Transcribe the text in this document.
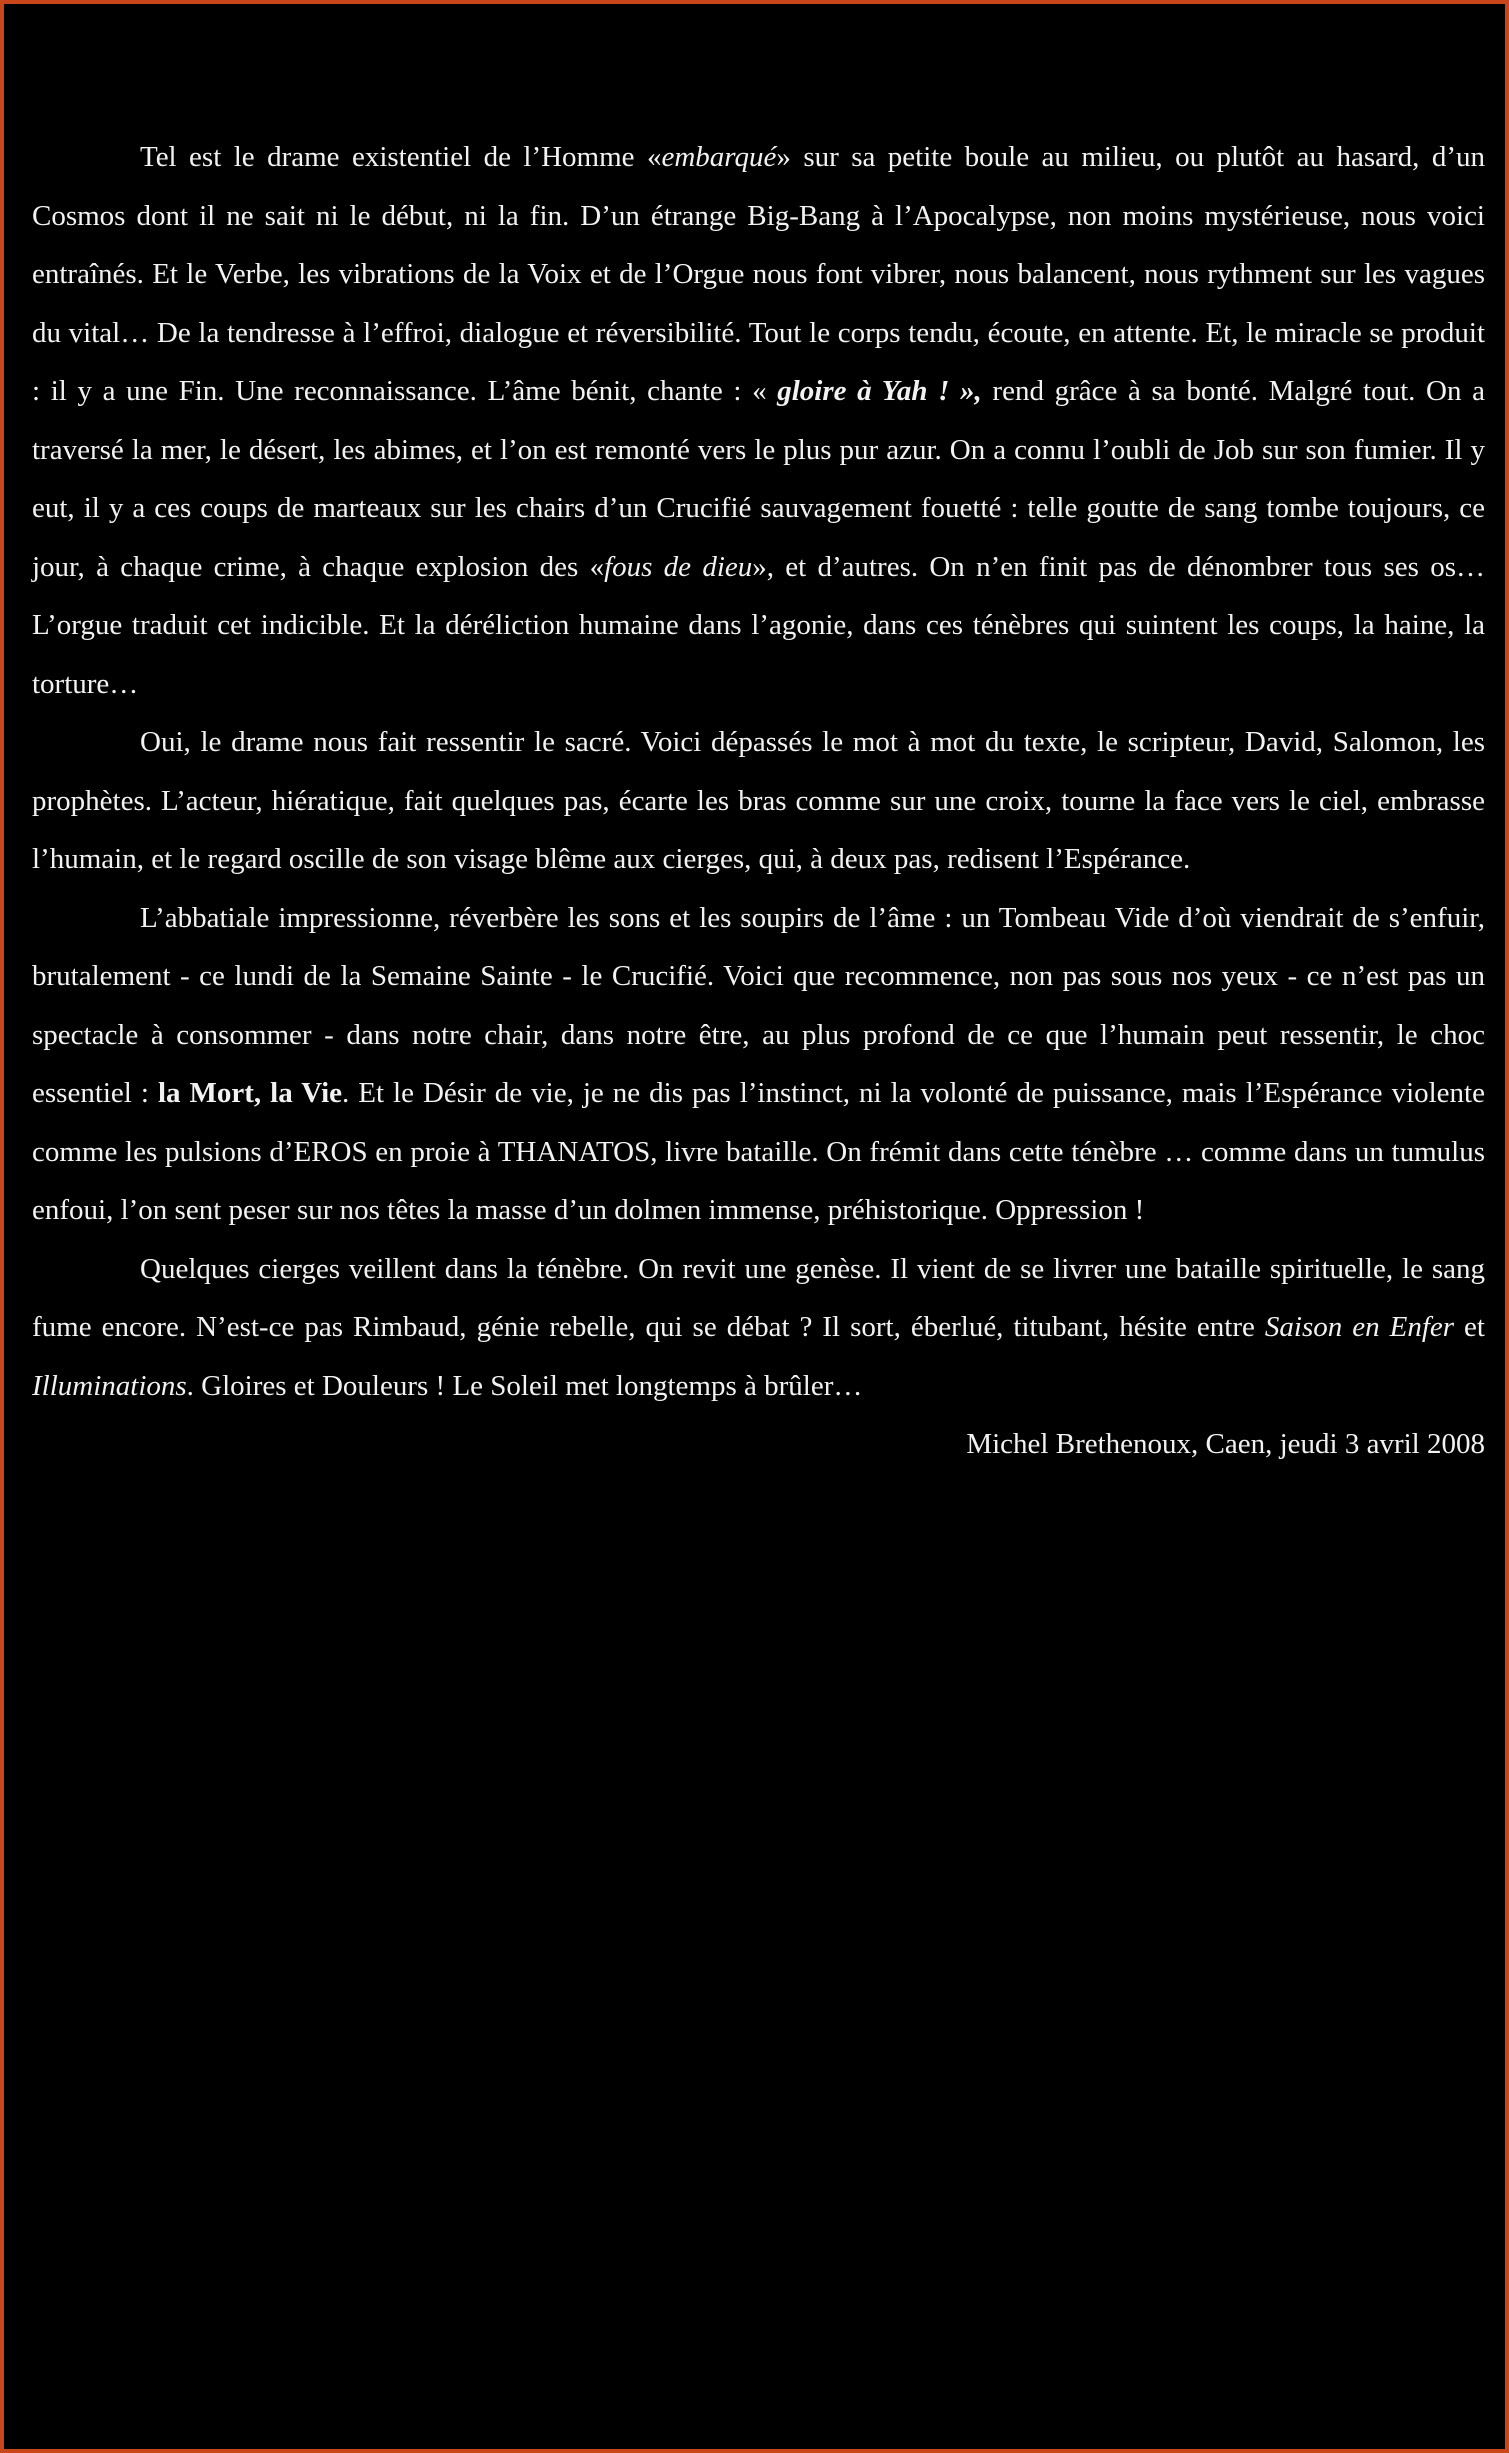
Tel est le drame existentiel de l’Homme «embarqué» sur sa petite boule au milieu, ou plutôt au hasard, d’un Cosmos dont il ne sait ni le début, ni la fin. D’un étrange Big-Bang à l’Apocalypse, non moins mystérieuse, nous voici entraînés. Et le Verbe, les vibrations de la Voix et de l’Orgue nous font vibrer, nous balancent, nous rythment sur les vagues du vital… De la tendresse à l’effroi, dialogue et réversibilité. Tout le corps tendu, écoute, en attente. Et, le miracle se produit : il y a une Fin. Une reconnaissance. L’âme bénit, chante : « gloire à Yah ! », rend grâce à sa bonté. Malgré tout. On a traversé la mer, le désert, les abimes, et l’on est remonté vers le plus pur azur. On a connu l’oubli de Job sur son fumier. Il y eut, il y a ces coups de marteaux sur les chairs d’un Crucifié sauvagement fouetté : telle goutte de sang tombe toujours, ce jour, à chaque crime, à chaque explosion des «fous de dieu», et d’autres. On n’en finit pas de dénombrer tous ses os… L’orgue traduit cet indicible. Et la déréliction humaine dans l’agonie, dans ces ténèbres qui suintent les coups, la haine, la torture…

Oui, le drame nous fait ressentir le sacré. Voici dépassés le mot à mot du texte, le scripteur, David, Salomon, les prophètes. L’acteur, hiératique, fait quelques pas, écarte les bras comme sur une croix, tourne la face vers le ciel, embrasse l’humain, et le regard oscille de son visage blême aux cierges, qui, à deux pas, redisent l’Espérance.

L’abbatiale impressionne, réverbère les sons et les soupirs de l’âme : un Tombeau Vide d’où viendrait de s’enfuir, brutalement - ce lundi de la Semaine Sainte - le Crucifié. Voici que recommence, non pas sous nos yeux - ce n’est pas un spectacle à consommer - dans notre chair, dans notre être, au plus profond de ce que l’humain peut ressentir, le choc essentiel : la Mort, la Vie. Et le Désir de vie, je ne dis pas l’instinct, ni la volonté de puissance, mais l’Espérance violente comme les pulsions d’EROS en proie à THANATOS, livre bataille. On frémit dans cette ténèbre … comme dans un tumulus enfoui, l’on sent peser sur nos têtes la masse d’un dolmen immense, préhistorique. Oppression !

Quelques cierges veillent dans la ténèbre. On revit une genèse. Il vient de se livrer une bataille spirituelle, le sang fume encore. N’est-ce pas Rimbaud, génie rebelle, qui se débat ? Il sort, éberlué, titubant, hésite entre Saison en Enfer et Illuminations. Gloires et Douleurs ! Le Soleil met longtemps à brûler…

Michel Brethenoux, Caen, jeudi 3 avril 2008
